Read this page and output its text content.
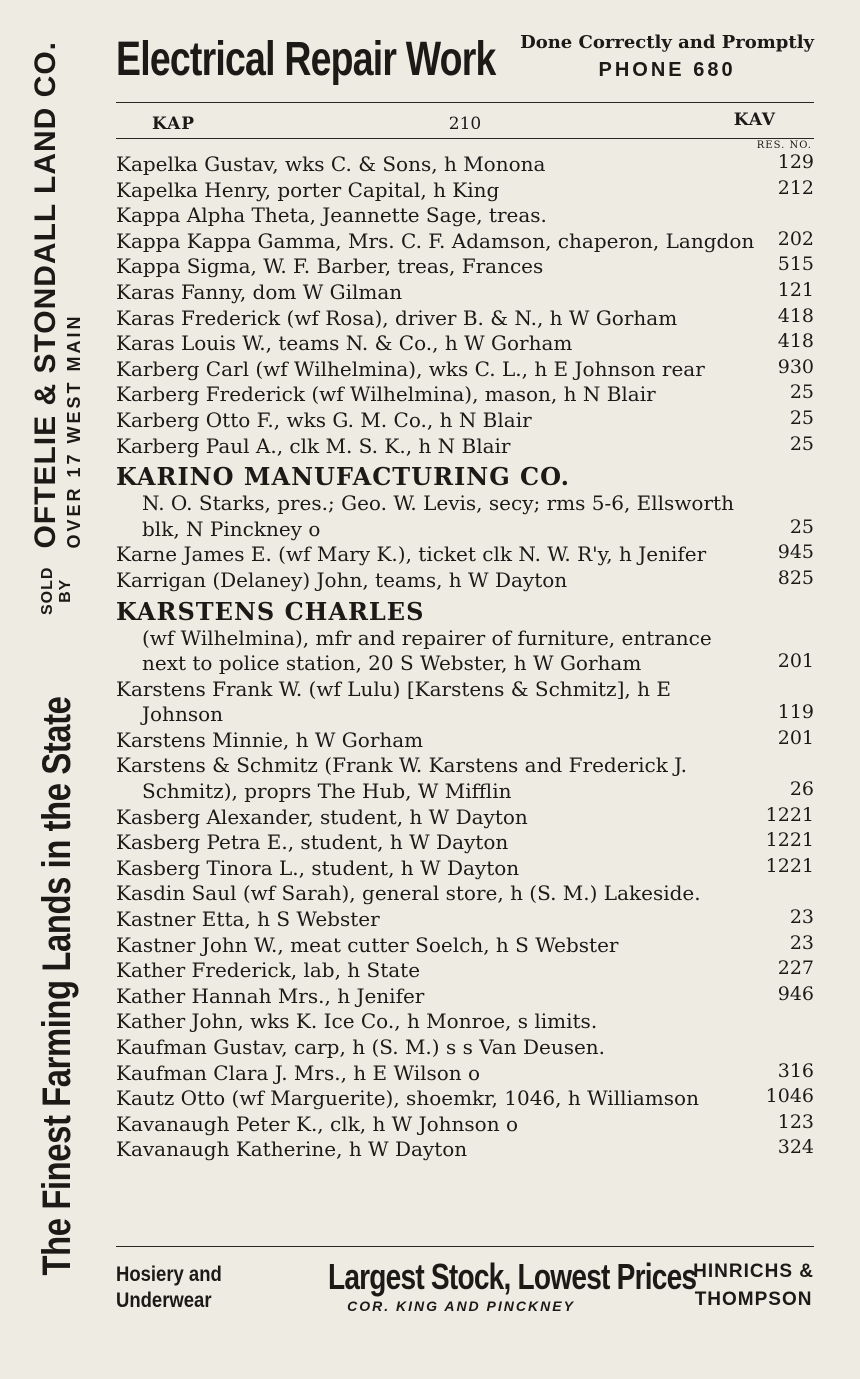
The Finest Farming Lands in the State
SOLD BY
OFTELIE & STONDALL LAND CO. OVER 17 WEST MAIN
Electrical Repair Work Done Correctly and Promptly
PHONE 680
KAP	210	KAV
RES. NO.
Kapelka Gustav, wks C. & Sons, h Monona	129
Kapelka Henry, porter Capital, h King	212
Kappa Alpha Theta, Jeannette Sage, treas.
Kappa Kappa Gamma, Mrs. C. F. Adamson, chaperon, Langdon 202
Kappa Sigma, W. F. Barber, treas, Frances	515
Karas Fanny, dom W Gilman	121
Karas Frederick (wf Rosa), driver B. & N., h W Gorham	418
Karas Louis W., teams N. & Co., h W Gorham	418
Karberg Carl (wf Wilhelmina), wks C. L., h E Johnson rear	930
Karberg Frederick (wf Wilhelmina), mason, h N Blair	25
Karberg Otto F., wks G. M. Co., h N Blair	25
Karberg Paul A., clk M. S. K., h N Blair	25
KARINO MANUFACTURING CO.
N. O. Starks, pres.; Geo. W. Levis, secy; rms 5-6, Ellsworth blk, N Pinckney o	25
Karne James E. (wf Mary K.), ticket clk N. W. R'y, h Jenifer	945
Karrigan (Delaney) John, teams, h W Dayton	825
KARSTENS CHARLES
(wf Wilhelmina), mfr and repairer of furniture, entrance next to police station, 20 S Webster, h W Gorham	201
Karstens Frank W. (wf Lulu) [Karstens & Schmitz], h E Johnson	119
Karstens Minnie, h W Gorham	201
Karstens & Schmitz (Frank W. Karstens and Frederick J. Schmitz), proprs The Hub, W Mifflin	26
Kasberg Alexander, student, h W Dayton	1221
Kasberg Petra E., student, h W Dayton	1221
Kasberg Tinora L., student, h W Dayton	1221
Kasdin Saul (wf Sarah), general store, h (S. M.) Lakeside.
Kastner Etta, h S Webster	23
Kastner John W., meat cutter Soelch, h S Webster	23
Kather Frederick, lab, h State	227
Kather Hannah Mrs., h Jenifer	946
Kather John, wks K. Ice Co., h Monroe, s limits.
Kaufman Gustav, carp, h (S. M.) s s Van Deusen.
Kaufman Clara J. Mrs., h E Wilson o	316
Kautz Otto (wf Marguerite), shoemkr, 1046, h Williamson	1046
Kavanaugh Peter K., clk, h W Johnson o	123
Kavanaugh Katherine, h W Dayton	324
Hosiery and
Underwear
Largest Stock, Lowest Prices
COR. KING AND PINCKNEY
HINRICHS &
THOMPSON
